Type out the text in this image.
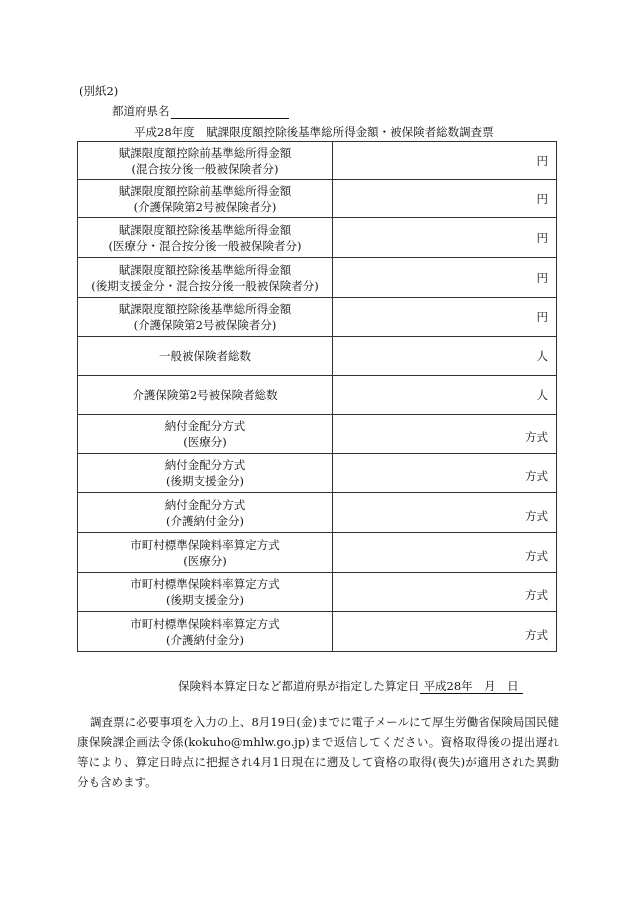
(別紙2)
都道府県名
平成28年度　賦課限度額控除後基準総所得金額・被保険者総数調査票
賦課限度額控除前基準総所得金額
(混合按分後一般被保険者分)	円

賦課限度額控除前基準総所得金額
(介護保険第2号被保険者分)	円

賦課限度額控除後基準総所得金額
(医療分・混合按分後一般被保険者分)	円

賦課限度額控除後基準総所得金額
(後期支援金分・混合按分後一般被保険者分)	円

賦課限度額控除後基準総所得金額
(介護保険第2号被保険者分)	円

一般被保険者総数	人

介護保険第2号被保険者総数	人

納付金配分方式
(医療分)	方式

納付金配分方式
(後期支援金分)	方式

納付金配分方式
(介護納付金分)	方式

市町村標準保険料率算定方式
(医療分)	方式

市町村標準保険料率算定方式
(後期支援金分)	方式

市町村標準保険料率算定方式
(介護納付金分)	方式
保険料本算定日など都道府県が指定した算定日 平成28年　月　日
調査票に必要事項を入力の上、8月19日(金)までに電子メールにて厚生労働省保険局国民健康保険課企画法令係(kokuho@mhlw.go.jp)まで返信してください。資格取得後の提出遅れ等により、算定日時点に把握され4月1日現在に遡及して資格の取得(喪失)が適用された異動分も含めます。
